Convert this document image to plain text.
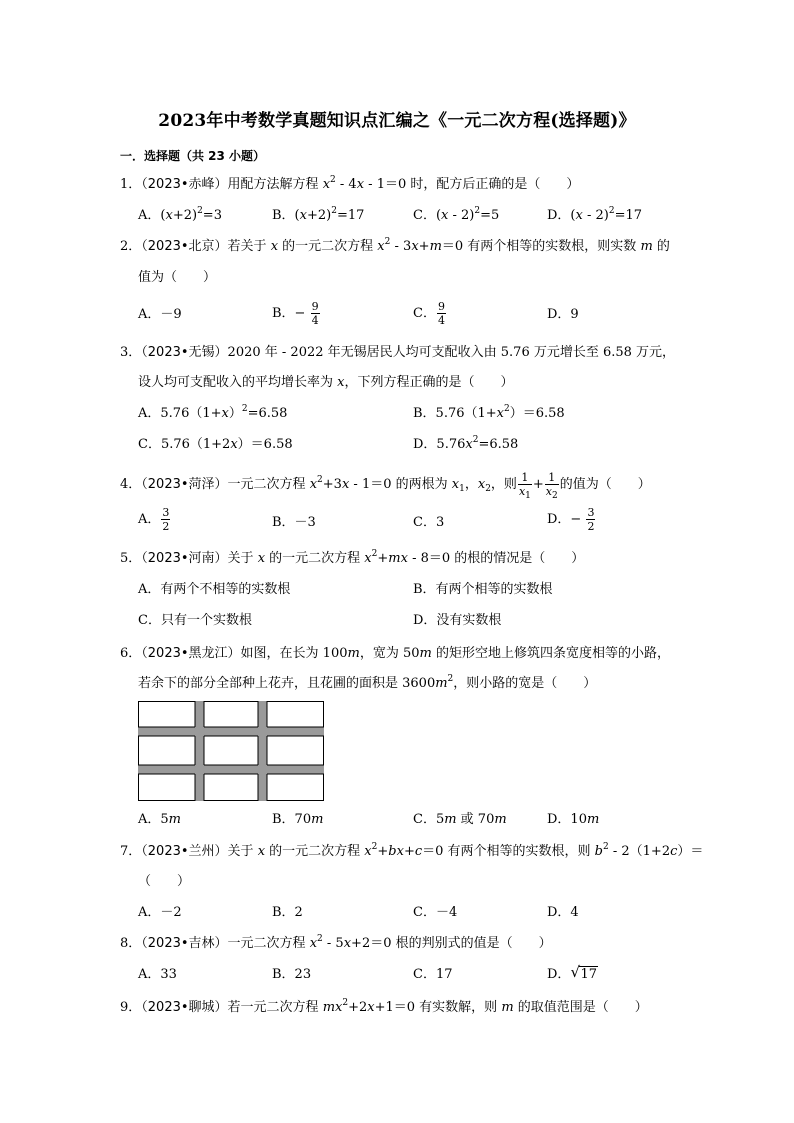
2023年中考数学真题知识点汇编之《一元二次方程(选择题)》
一．选择题（共 23 小题）
1．（2023•赤峰）用配方法解方程 $x^2 - 4x - 1=0$ 时，配方后正确的是（　　）
A．$(x+2)^2=3$	B．$(x+2)^2=17$	C．(x - 2)$^2$=5	D．(x - 2)$^2$=17
2．（2023•北京）若关于 x 的一元二次方程 $x^2 - 3x+m=0$ 有两个相等的实数根，则实数 m 的
值为（　　）
A．－9	B．− $\frac{9}{4}$	C． $\frac{9}{4}$	D．9
3．（2023•无锡）2020 年 - 2022 年无锡居民人均可支配收入由 5.76 万元增长至 6.58 万元，
设人均可支配收入的平均增长率为 x，下列方程正确的是（　　）
A．$5.76(1+x)^2=6.58$	B．$5.76(1+x^2)=6.58$
C．5.76（1+2x）＝6.58	D．$5.76x^2=6.58$
4．（2023•菏泽）一元二次方程 $x^2+3x - 1=0$ 的两根为 $x_1$，$x_2$，则 $\frac{1}{x_1} + \frac{1}{x_2}$ 的值为（　　）
A． $\frac{3}{2}$	B．－3	C．3	D．− $\frac{3}{2}$
5．（2023•河南）关于 x 的一元二次方程 $x^2+mx - 8=0$ 的根的情况是（　　）
A．有两个不相等的实数根	B．有两个相等的实数根
C．只有一个实数根	D．没有实数根
6．（2023•黑龙江）如图，在长为 100m，宽为 50m 的矩形空地上修筑四条宽度相等的小路，
若余下的部分全部种上花卉，且花圃的面积是 $3600m^2$，则小路的宽是（　　）
A．5m	B．70m	C．5m 或 70m	D．10m
7．（2023•兰州）关于 x 的一元二次方程 $x^2+bx+c=0$ 有两个相等的实数根，则 $b^2 - 2(1+2c)=$
（　　）
A．－2	B．2	C．－4	D．4
8．（2023•吉林）一元二次方程 $x^2 - 5x+2=0$ 根的判别式的值是（　　）
A．33	B．23	C．17	D． √ 17
9．（2023•聊城）若一元二次方程 $mx^2+2x+1=0$ 有实数解，则 m 的取值范围是（　　）
